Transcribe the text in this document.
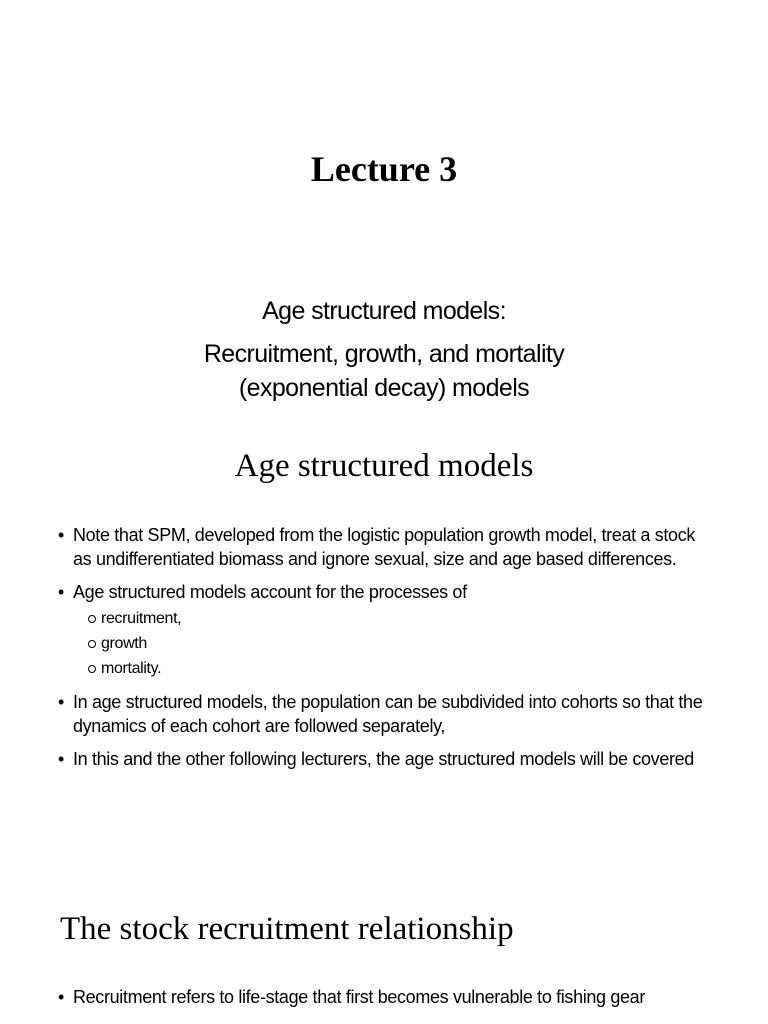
Lecture 3
Age structured models:
Recruitment, growth, and mortality
(exponential decay) models
Age structured models
• Note that SPM, developed from the logistic population growth model, treat a stock as undifferentiated biomass and ignore sexual, size and age based differences.
• Age structured models account for the processes of
recruitment,
growth
mortality.
• In age structured models, the population can be subdivided into cohorts so that the dynamics of each cohort are followed separately,
• In this and the other following lecturers, the age structured models will be covered
The stock recruitment relationship
• Recruitment refers to life-stage that first becomes vulnerable to fishing gear
